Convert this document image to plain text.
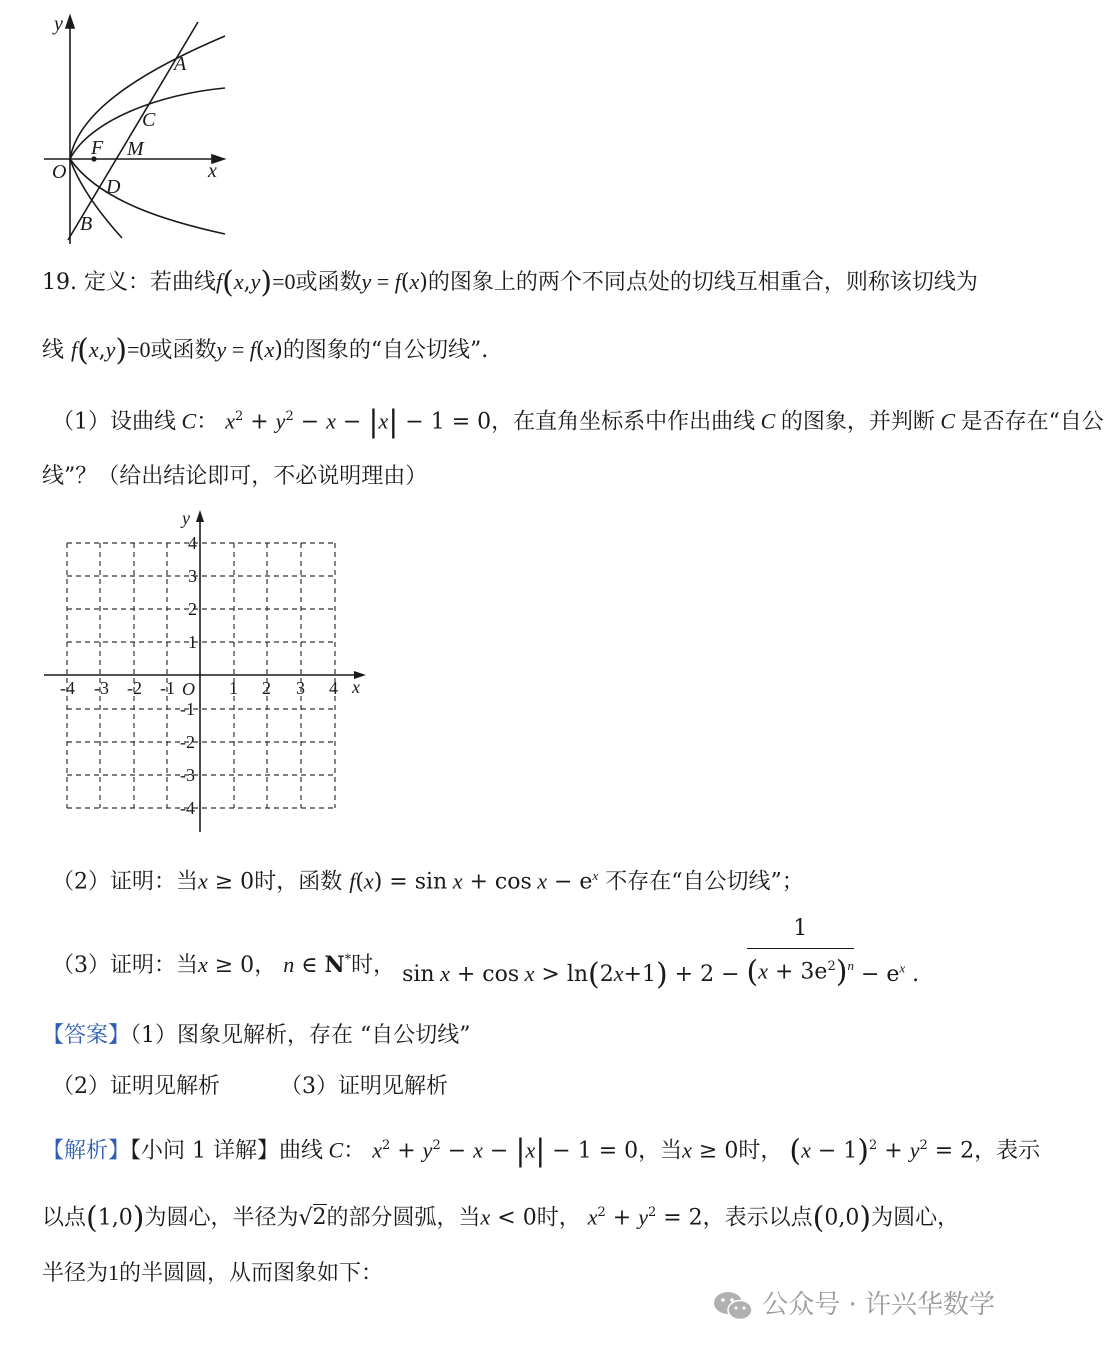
y
x
O
A
C
F M
D
B
19. 定义：若曲线f(x,y)=0或函数y = f(x)的图象上的两个不同点处的切线互相重合，则称该切线为
线 f(x,y)=0或函数y = f(x)的图象的“自公切线”.
（1）设曲线 C： $x^2 + y^2 - x - |x| - 1 = 0$，在直角坐标系中作出曲线 C 的图象，并判断 C 是否存在“自公
线”？（给出结论即可，不必说明理由）
x
y
O
-4 -3 -2 -1	1 2 3 4
4
3
2
1
-1
-2
-3
-4
（2）证明：当x ≥ 0时，函数 $f(x) = \sin x + \cos x - e^x$ 不存在“自公切线”；
（3）证明：当x ≥ 0， n ∈ N*时， $\sin x + \cos x > \ln(2x+1) + 2 - \frac{1}{(x + 3e^2)^n} - e^x$ .
【答案】（1）图象见解析，存在 “自公切线”
（2）证明见解析	（3）证明见解析
【解析】【小问 1 详解】曲线 C： $x^2 + y^2 - x - |x| - 1 = 0$，当x ≥ 0时， $(x - 1)^2 + y^2 = 2$，表示
以点(1,0)为圆心，半径为√2的部分圆弧，当x < 0时， $x^2 + y^2 = 2$，表示以点(0,0)为圆心，
半径为1的半圆圆，从而图象如下：
公众号 · 许兴华数学
